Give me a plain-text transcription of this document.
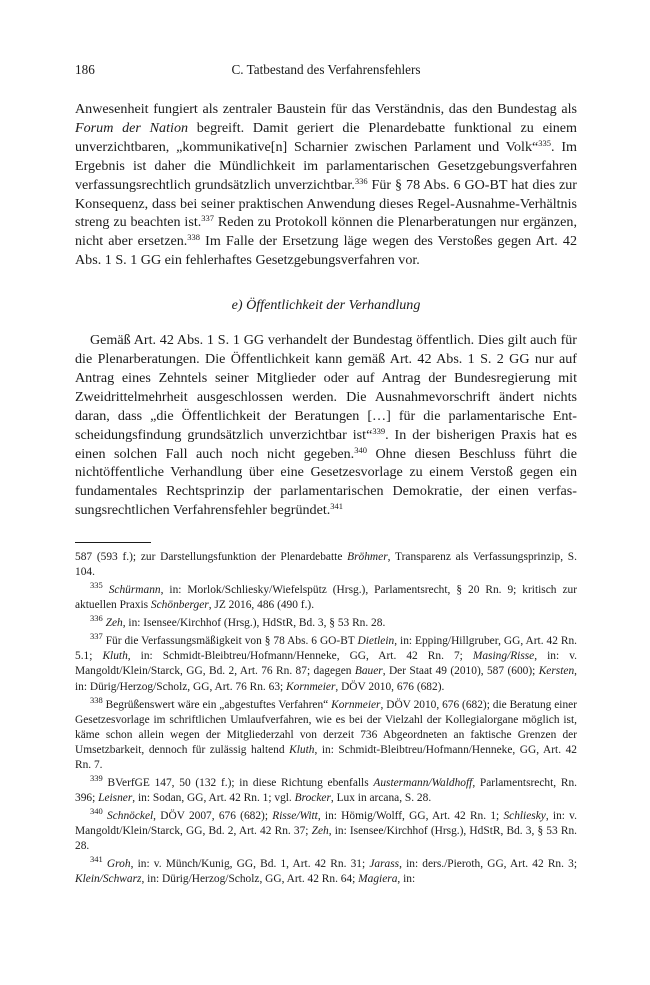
186	C. Tatbestand des Verfahrensfehlers

Anwesenheit fungiert als zentraler Baustein für das Verständnis, das den Bundestag als Forum der Nation begreift. Damit geriert die Plenardebatte funktional zu einem unverzichtbaren, „kommunikative[n] Scharnier zwischen Parlament und Volk“$^{335}$. Im Ergebnis ist daher die Mündlichkeit im parlamentarischen Gesetzgebungsverfahren verfassungsrechtlich grundsätzlich unverzichtbar.$^{336}$ Für § 78 Abs. 6 GO-BT hat dies zur Konsequenz, dass bei seiner praktischen Anwendung dieses Regel-Ausnahme-Verhältnis streng zu beachten ist.$^{337}$ Reden zu Protokoll können die Plenarberatungen nur ergänzen, nicht aber ersetzen.$^{338}$ Im Falle der Ersetzung läge wegen des Verstoßes gegen Art. 42 Abs. 1 S. 1 GG ein fehlerhaftes Gesetzgebungsverfahren vor.

e) Öffentlichkeit der Verhandlung

Gemäß Art. 42 Abs. 1 S. 1 GG verhandelt der Bundestag öffentlich. Dies gilt auch für die Plenarberatungen. Die Öffentlichkeit kann gemäß Art. 42 Abs. 1 S. 2 GG nur auf Antrag eines Zehntels seiner Mitglieder oder auf Antrag der Bundesregierung mit Zweidrittelmehrheit ausgeschlossen werden. Die Ausnahmevorschrift ändert nichts daran, dass „die Öffentlichkeit der Beratungen […] für die parlamentarische Entscheidungsfindung grundsätzlich unverzichtbar ist“$^{339}$. In der bisherigen Praxis hat es einen solchen Fall auch noch nicht gegeben.$^{340}$ Ohne diesen Beschluss führt die nichtöffentliche Verhandlung über eine Gesetzesvorlage zu einem Verstoß gegen ein fundamentales Rechtsprinzip der parlamentarischen Demokratie, der einen verfassungsrechtlichen Verfahrensfehler begründet.$^{341}$

587 (593 f.); zur Darstellungsfunktion der Plenardebatte Bröhmer, Transparenz als Verfassungsprinzip, S. 104.

$^{335}$ Schürmann, in: Morlok/Schliesky/Wiefelspütz (Hrsg.), Parlamentsrecht, § 20 Rn. 9; kritisch zur aktuellen Praxis Schönberger, JZ 2016, 486 (490 f.).

$^{336}$ Zeh, in: Isensee/Kirchhof (Hrsg.), HdStR, Bd. 3, § 53 Rn. 28.

$^{337}$ Für die Verfassungsmäßigkeit von § 78 Abs. 6 GO-BT Dietlein, in: Epping/Hillgruber, GG, Art. 42 Rn. 5.1; Kluth, in: Schmidt-Bleibtreu/Hofmann/Henneke, GG, Art. 42 Rn. 7; Masing/Risse, in: v. Mangoldt/Klein/Starck, GG, Bd. 2, Art. 76 Rn. 87; dagegen Bauer, Der Staat 49 (2010), 587 (600); Kersten, in: Dürig/Herzog/Scholz, GG, Art. 76 Rn. 63; Kornmeier, DÖV 2010, 676 (682).

$^{338}$ Begrüßenswert wäre ein „abgestuftes Verfahren“ Kornmeier, DÖV 2010, 676 (682); die Beratung einer Gesetzesvorlage im schriftlichen Umlaufverfahren, wie es bei der Vielzahl der Kollegialorgane möglich ist, käme schon allein wegen der Mitgliederzahl von derzeit 736 Abgeordneten an faktische Grenzen der Umsetzbarkeit, dennoch für zulässig haltend Kluth, in: Schmidt-Bleibtreu/Hofmann/Henneke, GG, Art. 42 Rn. 7.

$^{339}$ BVerfGE 147, 50 (132 f.); in diese Richtung ebenfalls Austermann/Waldhoff, Parlamentsrecht, Rn. 396; Leisner, in: Sodan, GG, Art. 42 Rn. 1; vgl. Brocker, Lux in arcana, S. 28.

$^{340}$ Schnöckel, DÖV 2007, 676 (682); Risse/Witt, in: Hömig/Wolff, GG, Art. 42 Rn. 1; Schliesky, in: v. Mangoldt/Klein/Starck, GG, Bd. 2, Art. 42 Rn. 37; Zeh, in: Isensee/Kirchhof (Hrsg.), HdStR, Bd. 3, § 53 Rn. 28.

$^{341}$ Groh, in: v. Münch/Kunig, GG, Bd. 1, Art. 42 Rn. 31; Jarass, in: ders./Pieroth, GG, Art. 42 Rn. 3; Klein/Schwarz, in: Dürig/Herzog/Scholz, GG, Art. 42 Rn. 64; Magiera, in:
